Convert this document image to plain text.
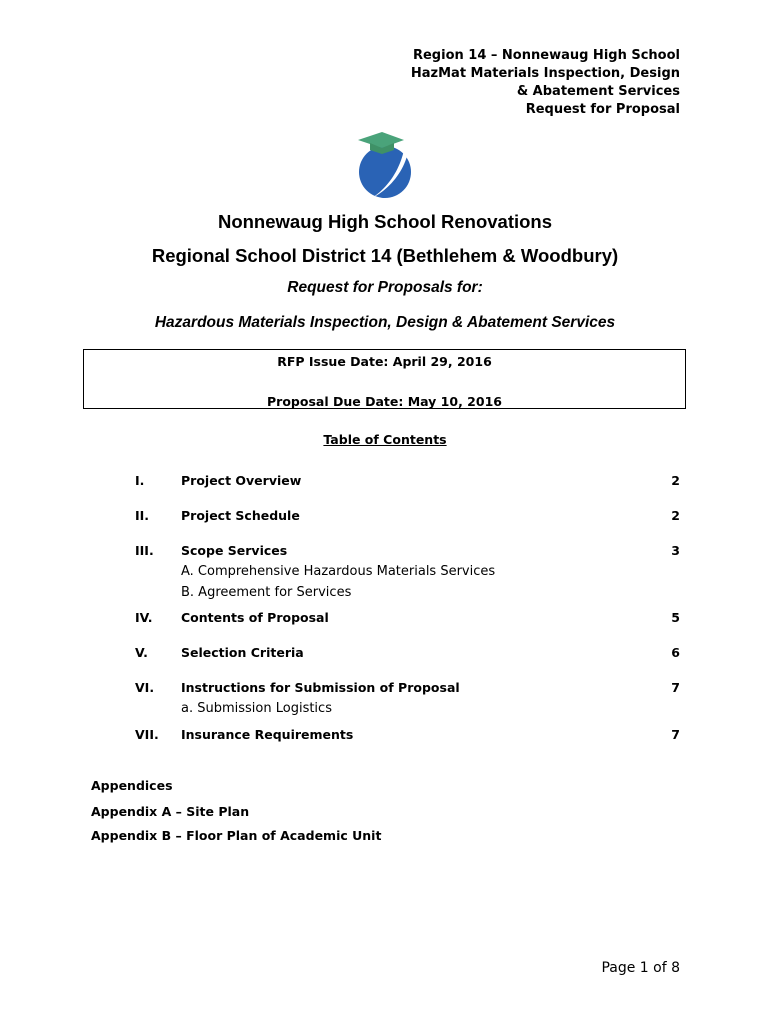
Region 14 – Nonnewaug High School
HazMat Materials Inspection, Design
& Abatement Services
Request for Proposal
Nonnewaug High School Renovations
Regional School District 14 (Bethlehem & Woodbury)
Request for Proposals for:
Hazardous Materials Inspection, Design & Abatement Services
RFP Issue Date: April 29, 2016
Proposal Due Date: May 10, 2016
Table of Contents
I.	Project Overview	2
II.	Project Schedule	2
III. Scope Services	3
A. Comprehensive Hazardous Materials Services
B. Agreement for Services
IV. Contents of Proposal	5
V.	Selection Criteria	6
VI. Instructions for Submission of Proposal	7
a. Submission Logistics
VII. Insurance Requirements	7
Appendices
Appendix A – Site Plan
Appendix B – Floor Plan of Academic Unit
Page 1 of 8
